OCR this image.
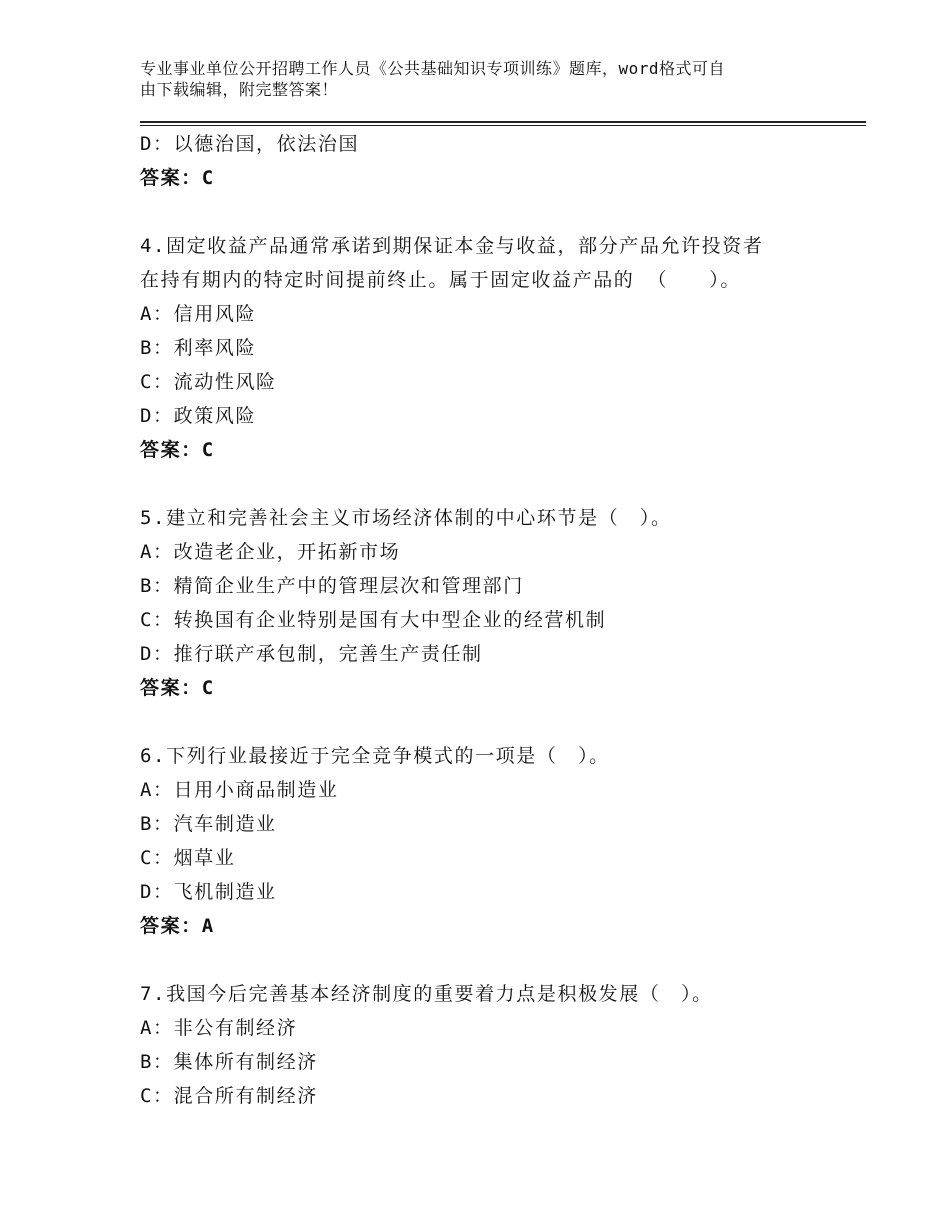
专业事业单位公开招聘工作人员《公共基础知识专项训练》题库，word格式可自
由下载编辑，附完整答案！
D：以德治国，依法治国
答案：C
4.固定收益产品通常承诺到期保证本金与收益，部分产品允许投资者
在持有期内的特定时间提前终止。属于固定收益产品的 （　　）。
A：信用风险
B：利率风险
C：流动性风险
D：政策风险
答案：C
5.建立和完善社会主义市场经济体制的中心环节是（　）。
A：改造老企业，开拓新市场
B：精简企业生产中的管理层次和管理部门
C：转换国有企业特别是国有大中型企业的经营机制
D：推行联产承包制，完善生产责任制
答案：C
6.下列行业最接近于完全竞争模式的一项是（　）。
A：日用小商品制造业
B：汽车制造业
C：烟草业
D：飞机制造业
答案：A
7.我国今后完善基本经济制度的重要着力点是积极发展（　）。
A：非公有制经济
B：集体所有制经济
C：混合所有制经济
